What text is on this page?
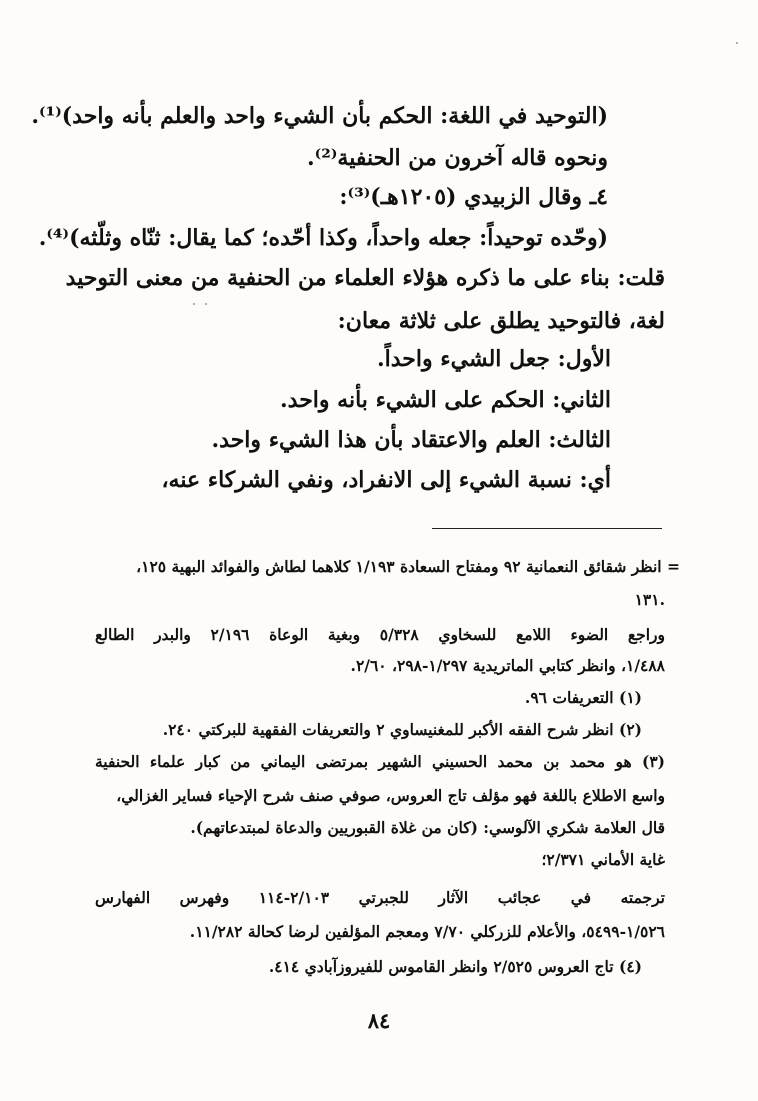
(التوحيد في اللغة: الحكم بأن الشيء واحد والعلم بأنه واحد)⁽¹⁾.
ونحوه قاله آخرون من الحنفية⁽²⁾.
٤ـ وقال الزبيدي (١٢٠٥هـ)⁽³⁾:
(وحّده توحيداً: جعله واحداً، وكذا أحّده؛ كما يقال: ثنّاه وثلّثه)⁽⁴⁾.
قلت: بناء على ما ذكره هؤلاء العلماء من الحنفية من معنى التوحيد
لغة، فالتوحيد يطلق على ثلاثة معان:
الأول: جعل الشيء واحداً.
الثاني: الحكم على الشيء بأنه واحد.
الثالث: العلم والاعتقاد بأن هذا الشيء واحد.
أي: نسبة الشيء إلى الانفراد، ونفي الشركاء عنه،
= انظر شقائق النعمانية ٩٢ ومفتاح السعادة ١/١٩٣ كلاهما لطاش والفوائد البهية ١٢٥،
١٣١.
وراجع الضوء اللامع للسخاوي ٥/٣٢٨ وبغية الوعاة ٢/١٩٦ والبدر الطالع
١/٤٨٨، وانظر كتابي الماتريدية ١/٢٩٧-٢٩٨، ٢/٦٠.
(١) التعريفات ٩٦.
(٢) انظر شرح الفقه الأكبر للمغنيساوي ٢ والتعريفات الفقهية للبركتي ٢٤٠.
(٣) هو محمد بن محمد الحسيني الشهير بمرتضى اليماني من كبار علماء الحنفية
واسع الاطلاع باللغة فهو مؤلف تاج العروس، صوفي صنف شرح الإحياء فساير الغزالي،
قال العلامة شكري الآلوسي: (كان من غلاة القبوريين والدعاة لمبتدعاتهم).
غاية الأماني ٢/٣٧١؛
ترجمته في عجائب الآثار للجبرتي ٢/١٠٣-١١٤ وفهرس الفهارس
١/٥٢٦-٥٤٩٩، والأعلام للزركلي ٧/٧٠ ومعجم المؤلفين لرضا كحالة ١١/٢٨٢.
(٤) تاج العروس ٢/٥٢٥ وانظر القاموس للفيروزآبادي ٤١٤.
٨٤
